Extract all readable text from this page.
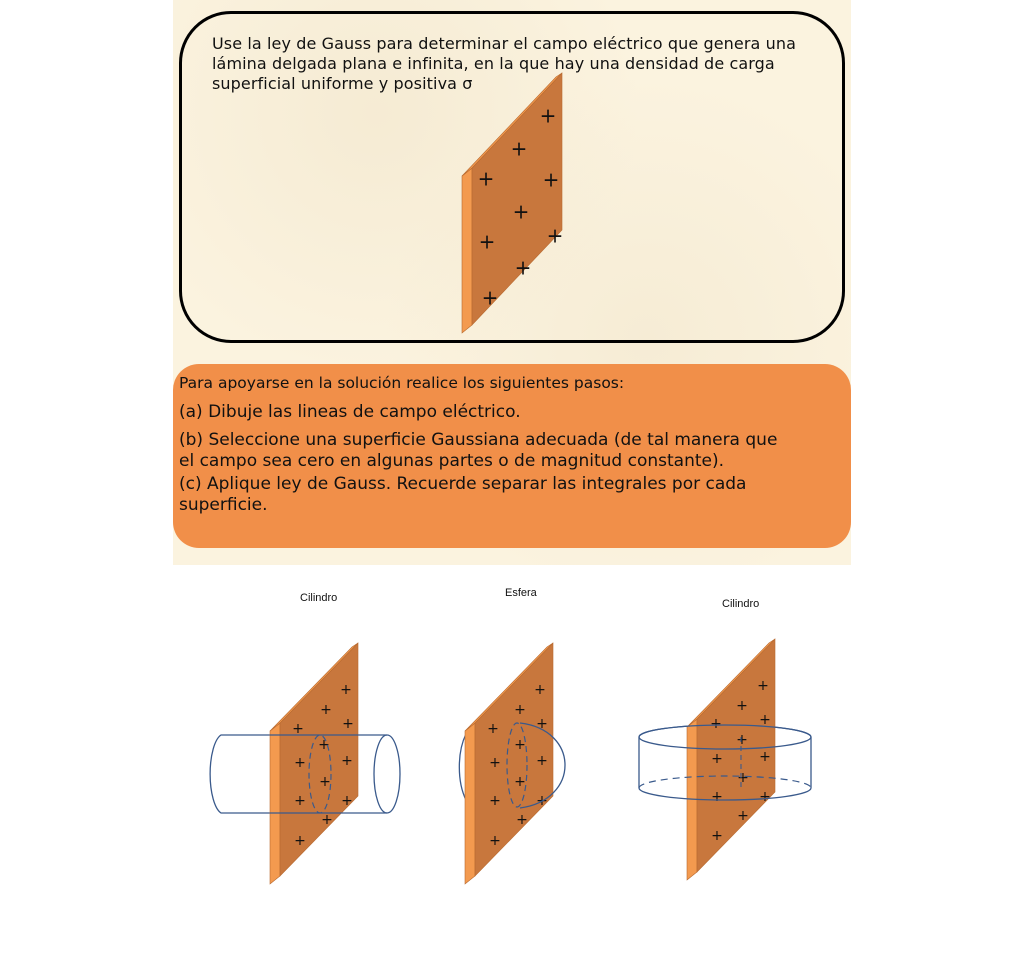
Use la ley de Gauss para determinar el campo eléctrico que genera una
lámina delgada plana e infinita, en la que hay una densidad de carga
superficial uniforme y positiva σ
Para apoyarse en la solución realice los siguientes pasos:
(a) Dibuje las lineas de campo eléctrico.
(b) Seleccione una superficie Gaussiana adecuada (de tal manera que
el campo sea cero en algunas partes o de magnitud constante).
(c) Aplique ley de Gauss. Recuerde separar las integrales por cada
superficie.
Cilindro	Esfera
Cilindro
+
+
+ +
+
+	+
+
+
+
+
+
+
+
+	+
+
+	+
+
+
+
+
+
+
+
+	+
+
+	+
+
+
+
+
+
+
+
+	+
+
+	+
+
+
